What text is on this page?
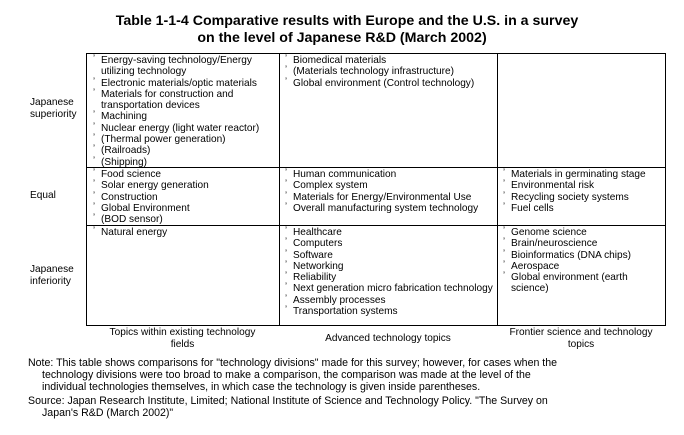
Table 1-1-4 Comparative results with Europe and the U.S. in a survey
on the level of Japanese R&D (March 2002)
Japanese
superiority
Equal
Japanese
inferiority
’ Energy-saving technology/Energy utilizing technology
’ Electronic materials/optic materials
’ Materials for construction and transportation devices
’ Machining
’ Nuclear energy (light water reactor)
’ (Thermal power generation)
’ (Railroads)
’ (Shipping)
’ Biomedical materials
’ (Materials technology infrastructure)
’ Global environment (Control technology)
’ Food science
’ Solar energy generation
’ Construction
’ Global Environment
’ (BOD sensor)
’ Human communication
’ Complex system
’ Materials for Energy/Environmental Use
’ Overall manufacturing system technology
’ Materials in germinating stage
’ Environmental risk
’ Recycling society systems
’ Fuel cells
’ Natural energy
’	Healthcare
’ Computers
’ Software
’ Networking
’ Reliability
’ Next generation micro fabrication technology
’ Assembly processes
’ Transportation systems
’ Genome science
’ Brain/neuroscience
’ Bioinformatics (DNA chips)
’ Aerospace
’ Global environment (earth science)
Topics within existing technology
fields	Advanced technology topics
Frontier science and technology
topics
Note: This table shows comparisons for "technology divisions" made for this survey; however, for cases when the
technology divisions were too broad to make a comparison, the comparison was made at the level of the
individual technologies themselves, in which case the technology is given inside parentheses.
Source: Japan Research Institute, Limited; National Institute of Science and Technology Policy. "The Survey on
Japan's R&D (March 2002)"
